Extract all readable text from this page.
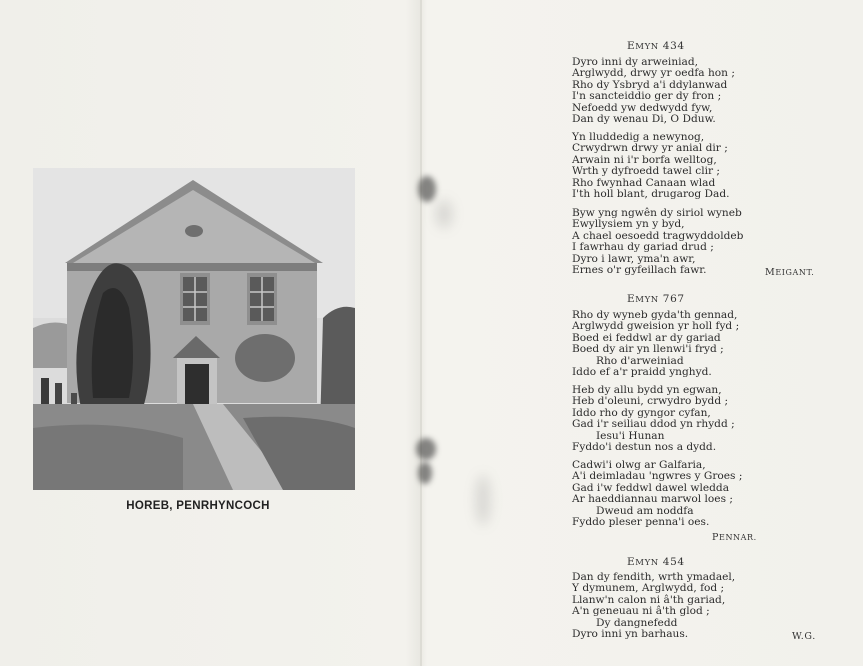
HOREB, PENRHYNCOCH
EMYN 434
Dyro inni dy arweiniad,
Arglwydd, drwy yr oedfa hon ;
Rho dy Ysbryd a'i ddylanwad
I'n sancteiddio ger dy fron ;
Nefoedd yw dedwydd fyw,
Dan dy wenau Di, O Dduw.
Yn lluddedig a newynog,
Crwydrwn drwy yr anial dir ;
Arwain ni i'r borfa welltog,
Wrth y dyfroedd tawel clir ;
Rho fwynhad Canaan wlad
I'th holl blant, drugarog Dad.
Byw yng ngwên dy siriol wyneb
Ewyllysiem yn y byd,
A chael oesoedd tragwyddoldeb
I fawrhau dy gariad drud ;
Dyro i lawr, yma'n awr,
Ernes o'r gyfeillach fawr.	MEIGANT.
EMYN 767
Rho dy wyneb gyda'th gennad,
Arglwydd gweision yr holl fyd ;
Boed ei feddwl ar dy gariad
Boed dy air yn llenwi'i fryd ;
Rho d'arweiniad
Iddo ef a'r praidd ynghyd.
Heb dy allu bydd yn egwan,
Heb d'oleuni, crwydro bydd ;
Iddo rho dy gyngor cyfan,
Gad i'r seiliau ddod yn rhydd ;
Iesu'i Hunan
Fyddo'i destun nos a dydd.
Cadwi'i olwg ar Galfaria,
A'i deimladau 'ngwres y Groes ;
Gad i'w feddwl dawel wledda
Ar haeddiannau marwol loes ;
Dweud am noddfa
Fyddo pleser penna'i oes.
PENNAR.
EMYN 454
Dan dy fendith, wrth ymadael,
Y dymunem, Arglwydd, fod ;
Llanw'n calon ni â'th gariad,
A'n geneuau ni â'th glod ;
Dy dangnefedd
Dyro inni yn barhaus.	W.G.
